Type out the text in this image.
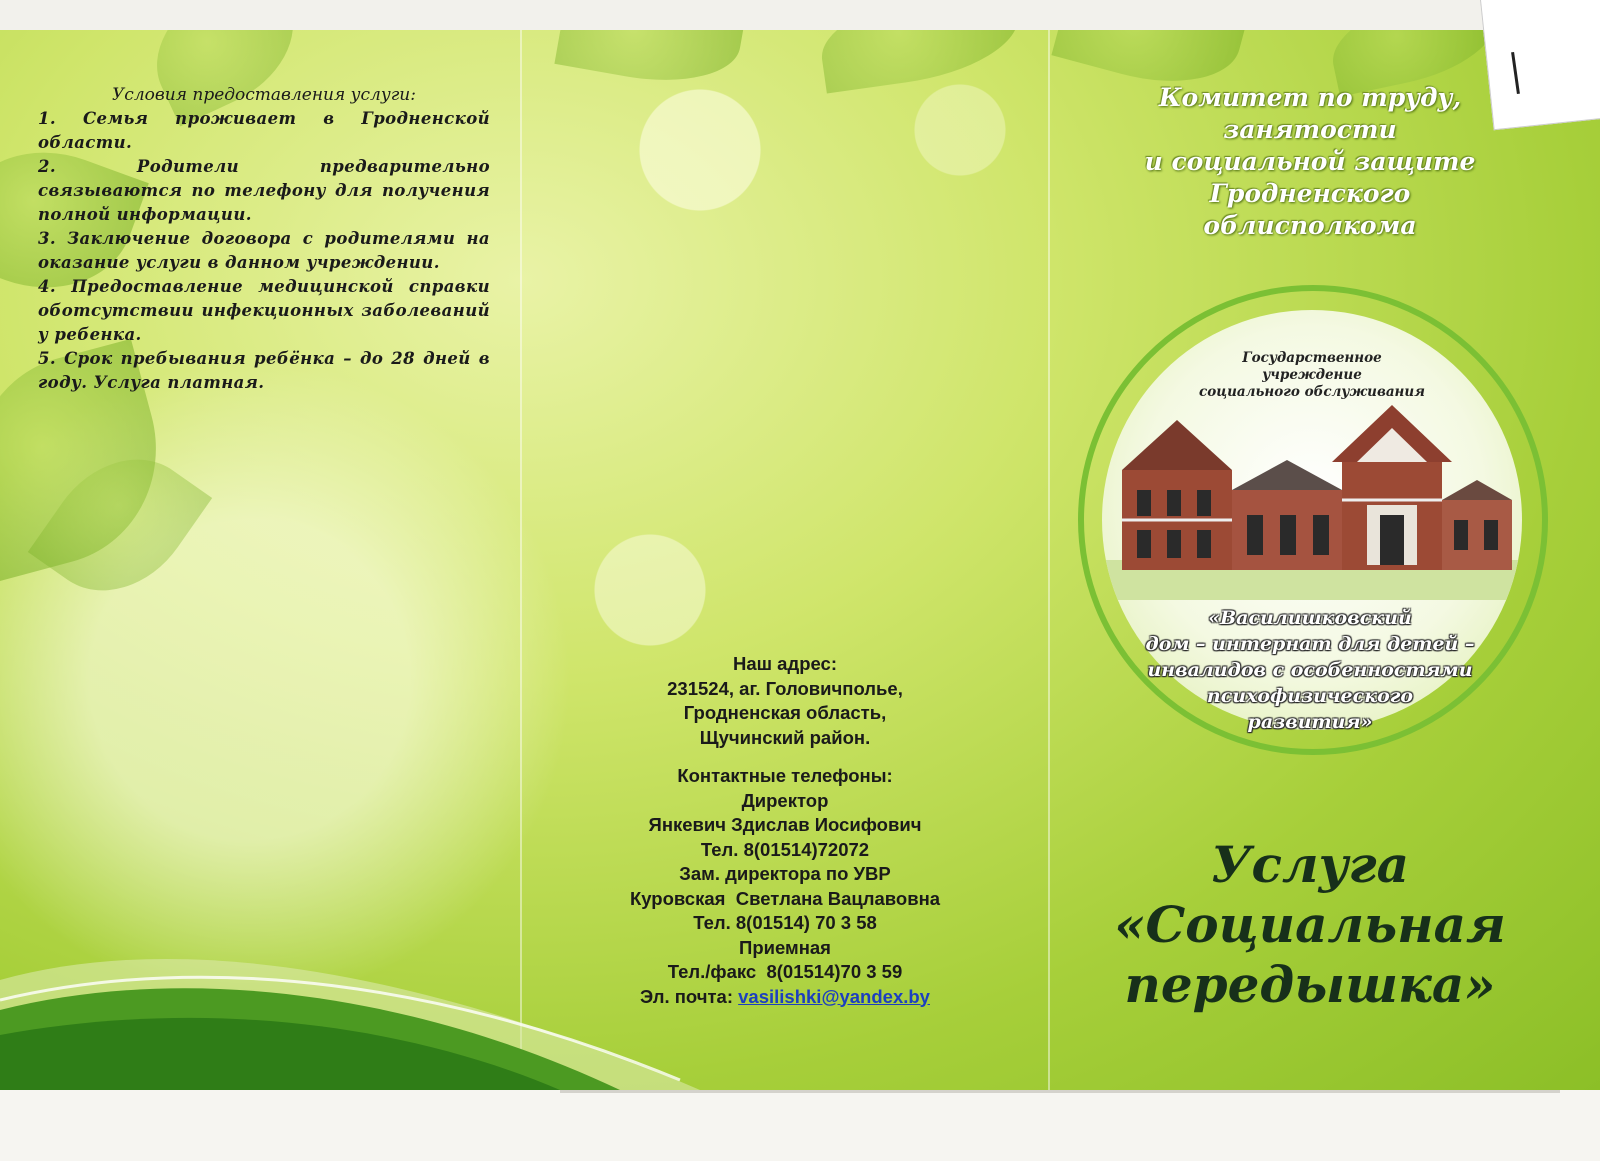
Условия предоставления услуги:
1. Семья проживает в Гродненской области.
2. Родители предварительно связываются по телефону для получения полной информации.
3. Заключение договора с родителями на оказание услуги в данном учреждении.
4. Предоставление медицинской справки оботсутствии инфекционных заболеваний у ребенка.
5. Срок пребывания ребёнка – до 28 дней в году. Услуга платная.
Наш адрес:
231524, аг. Головичполье,
Гродненская область,
Щучинский район.
Контактные телефоны:
Директор
Янкевич Здислав Иосифович
Тел. 8(01514)72072
Зам. директора по УВР
Куровская  Светлана Вацлавовна
Тел. 8(01514) 70 3 58
Приемная
Тел./факс  8(01514)70 3 59
Эл. почта: vasilishki@yandex.by
Комитет по труду,
занятости
и социальной защите
Гродненского
облисполкома
Государственное
учреждение
социального обслуживания
«Василишковский
дом – интернат для детей –
инвалидов с особенностями
психофизического
развития»
Услуга
«Социальная
передышка»
